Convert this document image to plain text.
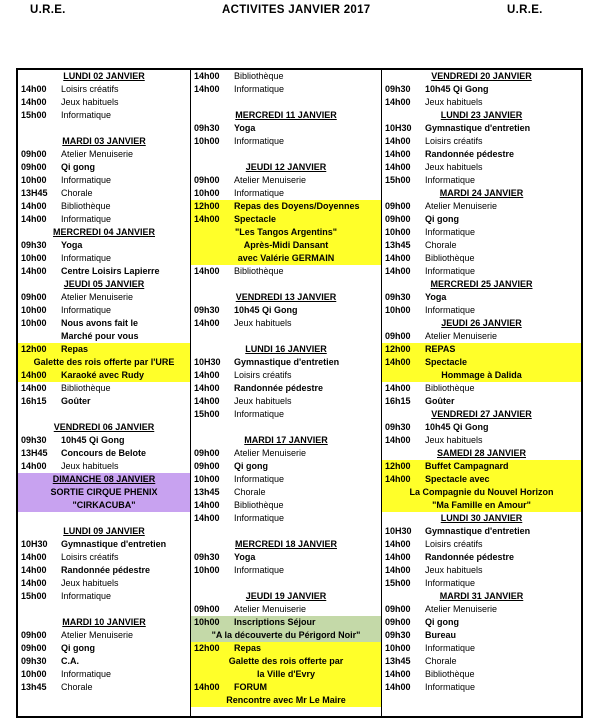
U.R.E.	ACTIVITES JANVIER 2017	U.R.E.
LUNDI 02 JANVIER
14h00 Loisirs créatifs
14h00 Jeux habituels
15h00 Informatique
MARDI 03 JANVIER
09h00 Atelier Menuiserie
09h00 Qi gong
10h00 Informatique
13H45 Chorale
14h00 Bibliothèque
14h00 Informatique
MERCREDI 04 JANVIER
09h30 Yoga
10h00 Informatique
14h00 Centre Loisirs Lapierre
JEUDI 05 JANVIER
09h00 Atelier Menuiserie
10h00 Informatique
10h00 Nous avons fait le
Marché pour vous
12h00 Repas
Galette des rois offerte par l'URE
14h00 Karaoké avec Rudy
14h00 Bibliothèque
16h15 Goûter
VENDREDI 06 JANVIER
09h30 10h45 Qi Gong
13H45 Concours de Belote
14h00 Jeux habituels
DIMANCHE 08 JANVIER
SORTIE CIRQUE PHENIX
"CIRKACUBA"
LUNDI 09 JANVIER
10H30 Gymnastique d'entretien
14h00 Loisirs créatifs
14h00 Randonnée pédestre
14h00 Jeux habituels
15h00 Informatique
MARDI 10 JANVIER
09h00 Atelier Menuiserie
09h00 Qi gong
09h30 C.A.
10h00 Informatique
13h45 Chorale
14h00 Bibliothèque
14h00 Informatique
MERCREDI 11 JANVIER
09h30 Yoga
10h00 Informatique
JEUDI 12 JANVIER
09h00 Atelier Menuiserie
10h00 Informatique
12h00 Repas des Doyens/Doyennes
14h00 Spectacle
"Les Tangos Argentins"
Après-Midi Dansant
avec Valérie GERMAIN
14h00 Bibliothèque
VENDREDI 13 JANVIER
09h30 10h45 Qi Gong
14h00 Jeux habituels
LUNDI 16 JANVIER
10H30 Gymnastique d'entretien
14h00 Loisirs créatifs
14h00 Randonnée pédestre
14h00 Jeux habituels
15h00 Informatique
MARDI 17 JANVIER
09h00 Atelier Menuiserie
09h00 Qi gong
10h00 Informatique
13h45 Chorale
14h00 Bibliothèque
14h00 Informatique
MERCREDI 18 JANVIER
09h30 Yoga
10h00 Informatique
JEUDI 19 JANVIER
09h00 Atelier Menuiserie
10h00 Inscriptions Séjour
"A la découverte du Périgord Noir"
12h00 Repas
Galette des rois offerte par
la Ville d'Evry
14h00 FORUM
Rencontre avec Mr Le Maire
VENDREDI 20 JANVIER
09h30 10h45 Qi Gong
14h00 Jeux habituels
LUNDI 23 JANVIER
10H30 Gymnastique d'entretien
14h00 Loisirs créatifs
14h00 Randonnée pédestre
14h00 Jeux habituels
15h00 Informatique
MARDI 24 JANVIER
09h00 Atelier Menuiserie
09h00 Qi gong
10h00 Informatique
13h45 Chorale
14h00 Bibliothèque
14h00 Informatique
MERCREDI 25 JANVIER
09h30 Yoga
10h00 Informatique
JEUDI 26 JANVIER
09h00 Atelier Menuiserie
12h00 REPAS
14h00 Spectacle
Hommage à Dalida
14h00 Bibliothèque
16h15 Goûter
VENDREDI 27 JANVIER
09h30 10h45 Qi Gong
14h00 Jeux habituels
SAMEDI 28 JANVIER
12h00 Buffet Campagnard
14h00 Spectacle avec
La Compagnie du Nouvel Horizon
"Ma Famille en Amour"
LUNDI 30 JANVIER
10H30 Gymnastique d'entretien
14h00 Loisirs créatifs
14h00 Randonnée pédestre
14h00 Jeux habituels
15h00 Informatique
MARDI 31 JANVIER
09h00 Atelier Menuiserie
09h00 Qi gong
09h30 Bureau
10h00 Informatique
13h45 Chorale
14h00 Bibliothèque
14h00 Informatique
